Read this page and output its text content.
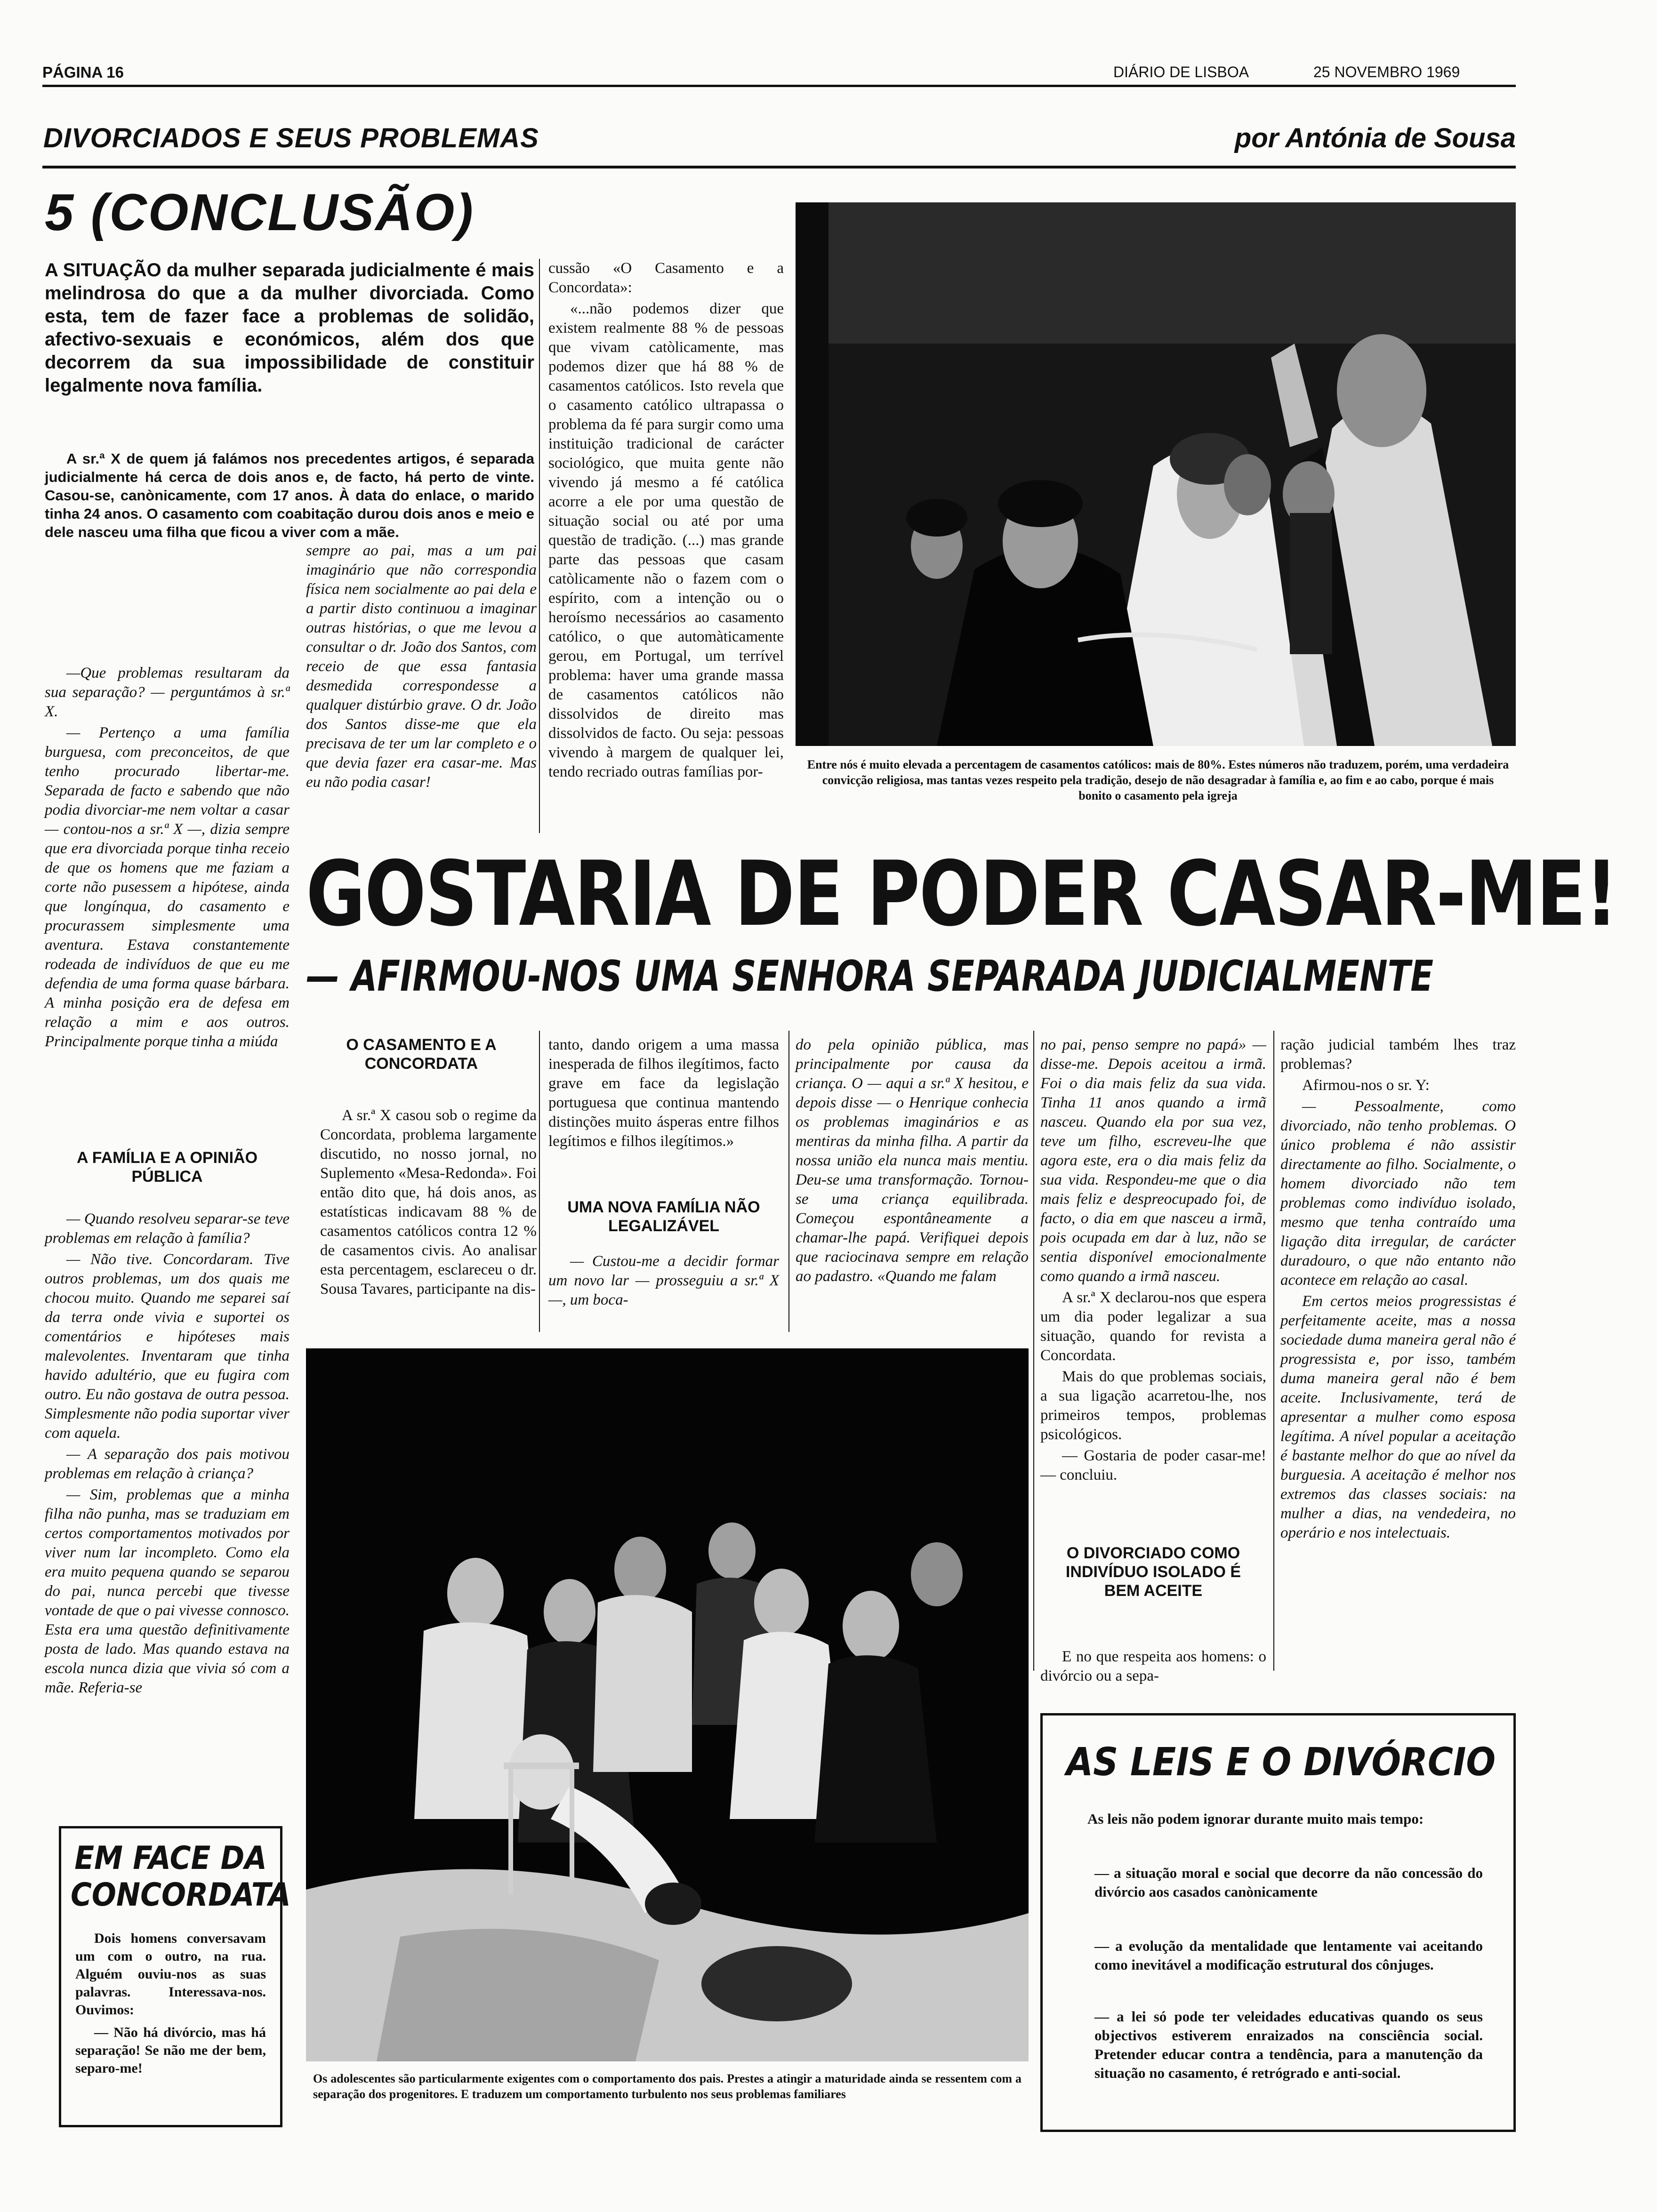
PÁGINA 16	DIÁRIO DE LISBOA	25 NOVEMBRO 1969
DIVORCIADOS E SEUS PROBLEMAS	por Antónia de Sousa
5 (CONCLUSÃO)
A SITUAÇÃO da mulher separada judicialmente é mais melindrosa do que a da mulher divorciada. Como esta, tem de fazer face a problemas de solidão, afectivo-sexuais e económicos, além dos que decorrem da sua impossibilidade de constituir legalmente nova família.

A sr.ª X de quem já falámos nos precedentes artigos, é separada judicialmente há cerca de dois anos e, de facto, há perto de vinte. Casou-se, canònicamente, com 17 anos. À data do enlace, o marido tinha 24 anos. O casamento com coabitação durou dois anos e meio e dele nasceu uma filha que ficou a viver com a mãe.

—Que problemas resultaram da sua separação? — perguntámos à sr.ª X.

— Pertenço a uma família burguesa, com preconceitos, de que tenho procurado libertar-me. Separada de facto e sabendo que não podia divorciar-me nem voltar a casar — contou-nos a sr.ª X —, dizia sempre que era divorciada porque tinha receio de que os homens que me faziam a corte não pusessem a hipótese, ainda que longínqua, do casamento e procurassem simplesmente uma aventura. Estava constantemente rodeada de indivíduos de que eu me defendia de uma forma quase bárbara. A minha posição era de defesa em relação a mim e aos outros. Principalmente porque tinha a miúda

sempre ao pai, mas a um pai imaginário que não correspondia física nem socialmente ao pai dela e a partir disto continuou a imaginar outras histórias, o que me levou a consultar o dr. João dos Santos, com receio de que essa fantasia desmedida correspondesse a qualquer distúrbio grave. O dr. João dos Santos disse-me que ela precisava de ter um lar completo e o que devia fazer era casar-me. Mas eu não podia casar!

cussão «O Casamento e a Concordata»:

«...não podemos dizer que existem realmente 88 % de pessoas que vivam catòlicamente, mas podemos dizer que há 88 % de casamentos católicos. Isto revela que o casamento católico ultrapassa o problema da fé para surgir como uma instituição tradicional de carácter sociológico, que muita gente não vivendo já mesmo a fé católica acorre a ele por uma questão de situação social ou até por uma questão de tradição. (...) mas grande parte das pessoas que casam catòlicamente não o fazem com o espírito, com a intenção ou o heroísmo necessários ao casamento católico, o que automàticamente gerou, em Portugal, um terrível problema: haver uma grande massa de casamentos católicos não dissolvidos de direito mas dissolvidos de facto. Ou seja: pessoas vivendo à margem de qualquer lei, tendo recriado outras famílias por-	Entre nós é muito elevada a percentagem de casamentos católicos: mais de 80%. Estes números não traduzem, porém, uma verdadeira convicção religiosa, mas tantas vezes respeito pela tradição, desejo de não desagradar à família e, ao fim e ao cabo, porque é mais bonito o casamento pela igreja
GOSTARIA DE PODER CASAR-ME!
— AFIRMOU-NOS UMA SENHORA SEPARADA JUDICIALMENTE
A FAMÍLIA E A OPINIÃO PÚBLICA

— Quando resolveu separar-se teve problemas em relação à família?

— Não tive. Concordaram. Tive outros problemas, um dos quais me chocou muito. Quando me separei saí da terra onde vivia e suportei os comentários e hipóteses mais malevolentes. Inventaram que tinha havido adultério, que eu fugira com outro. Eu não gostava de outra pessoa. Simplesmente não podia suportar viver com aquela.

— A separação dos pais motivou problemas em relação à criança?

— Sim, problemas que a minha filha não punha, mas se traduziam em certos comportamentos motivados por viver num lar incompleto. Como ela era muito pequena quando se separou do pai, nunca percebi que tivesse vontade de que o pai vivesse connosco. Esta era uma questão definitivamente posta de lado. Mas quando estava na escola nunca dizia que vivia só com a mãe. Referia-se

O CASAMENTO E A CONCORDATA

A sr.ª X casou sob o regime da Concordata, problema largamente discutido, no nosso jornal, no Suplemento «Mesa-Redonda». Foi então dito que, há dois anos, as estatísticas indicavam 88 % de casamentos católicos contra 12 % de casamentos civis. Ao analisar esta percentagem, esclareceu o dr. Sousa Tavares, participante na dis-

tanto, dando origem a uma massa inesperada de filhos ilegítimos, facto grave em face da legislação portuguesa que continua mantendo distinções muito ásperas entre filhos legítimos e filhos ilegítimos.»

UMA NOVA FAMÍLIA NÃO LEGALIZÁVEL

— Custou-me a decidir formar um novo lar — prosseguiu a sr.ª X —, um boca-

do pela opinião pública, mas principalmente por causa da criança. O — aqui a sr.ª X hesitou, e depois disse — o Henrique conhecia os problemas imaginários e as mentiras da minha filha. A partir da nossa união ela nunca mais mentiu. Deu-se uma transformação. Tornou-se uma criança equilibrada. Começou espontâneamente a chamar-lhe papá. Verifiquei depois que raciocinava sempre em relação ao padastro. «Quando me falam

no pai, penso sempre no papá» — disse-me. Depois aceitou a irmã. Foi o dia mais feliz da sua vida. Tinha 11 anos quando a irmã nasceu. Quando ela por sua vez, teve um filho, escreveu-lhe que agora este, era o dia mais feliz da sua vida. Respondeu-me que o dia mais feliz e despreocupado foi, de facto, o dia em que nasceu a irmã, pois ocupada em dar à luz, não se sentia disponível emocionalmente como quando a irmã nasceu.

A sr.ª X declarou-nos que espera um dia poder legalizar a sua situação, quando for revista a Concordata.

Mais do que problemas sociais, a sua ligação acarretou-lhe, nos primeiros tempos, problemas psicológicos.

— Gostaria de poder casar-me! — concluiu.

O DIVORCIADO COMO INDIVÍDUO ISOLADO É BEM ACEITE

E no que respeita aos homens: o divórcio ou a sepa-

ração judicial também lhes traz problemas?

Afirmou-nos o sr. Y:

— Pessoalmente, como divorciado, não tenho problemas. O único problema é não assistir directamente ao filho. Socialmente, o homem divorciado não tem problemas como indivíduo isolado, mesmo que tenha contraído uma ligação dita irregular, de carácter duradouro, o que não entanto não acontece em relação ao casal.

Em certos meios progressistas é perfeitamente aceite, mas a nossa sociedade duma maneira geral não é progressista e, por isso, também duma maneira geral não é bem aceite. Inclusivamente, terá de apresentar a mulher como esposa legítima. A nível popular a aceitação é bastante melhor do que ao nível da burguesia. A aceitação é melhor nos extremos das classes sociais: na mulher a dias, na vendedeira, no operário e nos intelectuais.

Os adolescentes são particularmente exigentes com o comportamento dos pais. Prestes a atingir a maturidade ainda se ressentem com a separação dos progenitores. E traduzem um comportamento turbulento nos seus problemas familiares
EM FACE DA CONCORDATA
Dois homens conversavam um com o outro, na rua. Alguém ouviu-nos as suas palavras. Interessava-nos. Ouvimos:
— Não há divórcio, mas há separação! Se não me der bem, separo-me!
AS LEIS E O DIVÓRCIO
As leis não podem ignorar durante muito mais tempo:
— a situação moral e social que decorre da não concessão do divórcio aos casados canònicamente
— a evolução da mentalidade que lentamente vai aceitando como inevitável a modificação estrutural dos cônjuges.
— a lei só pode ter veleidades educativas quando os seus objectivos estiverem enraizados na consciência social. Pretender educar contra a tendência, para a manutenção da situação no casamento, é retrógrado e anti-social.
